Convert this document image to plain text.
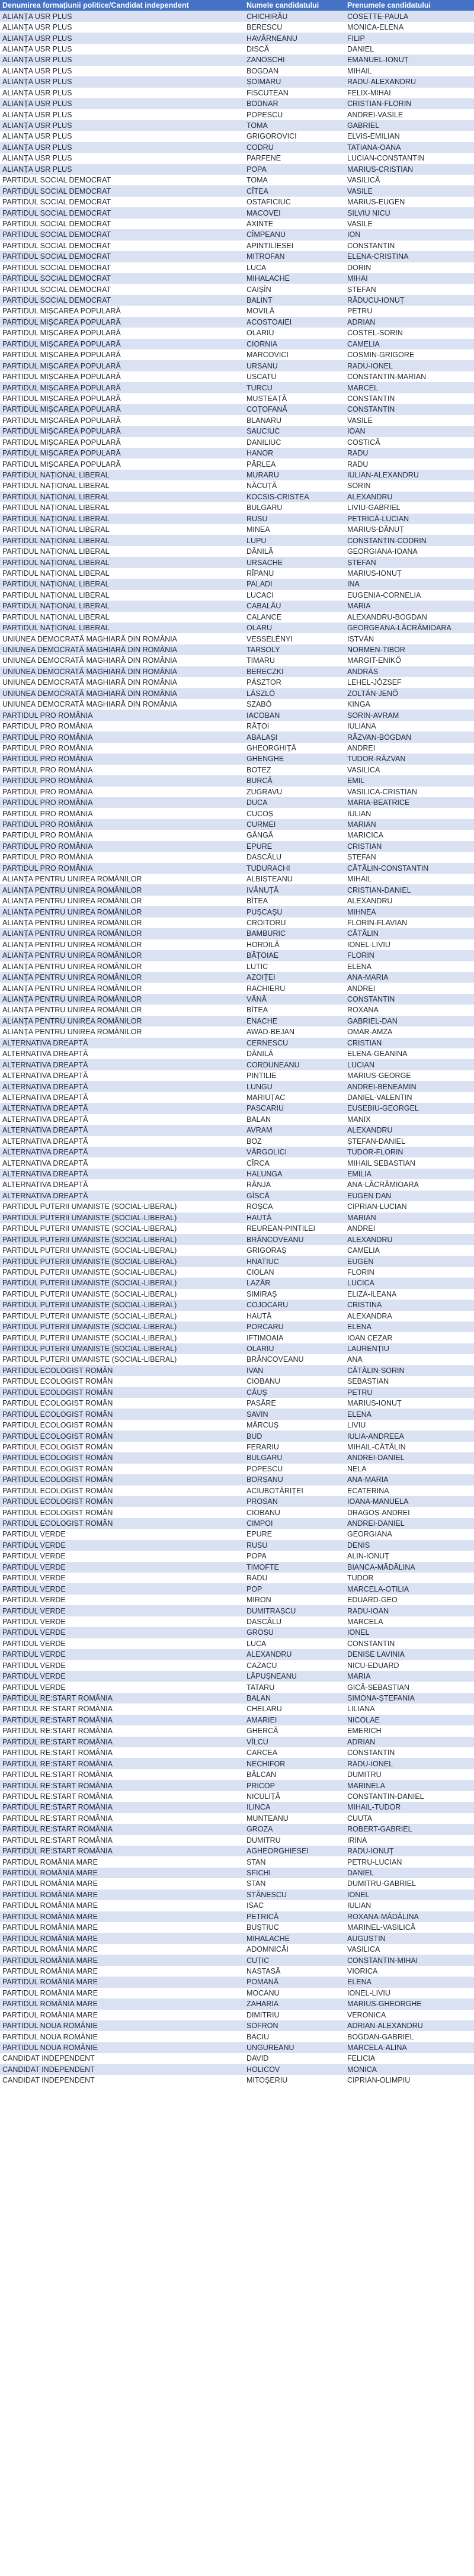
Denumirea formațiunii politice/Candidat independent	Numele candidatului	Prenumele candidatului
ALIANȚA USR PLUS	CHICHIRĂU	COSETTE-PAULA
ALIANȚA USR PLUS	BERESCU	MONICA-ELENA
ALIANȚA USR PLUS	HAVÂRNEANU	FILIP
ALIANȚA USR PLUS	DISCĂ	DANIEL
ALIANȚA USR PLUS	ZANOSCHI	EMANUEL-IONUȚ
ALIANȚA USR PLUS	BOGDAN	MIHAIL
ALIANȚA USR PLUS	ȘOIMARU	RADU-ALEXANDRU
ALIANȚA USR PLUS	FISCUTEAN	FELIX-MIHAI
ALIANȚA USR PLUS	BODNAR	CRISTIAN-FLORIN
ALIANȚA USR PLUS	POPESCU	ANDREI-VASILE
ALIANȚA USR PLUS	TOMA	GABRIEL
ALIANȚA USR PLUS	GRIGOROVICI	ELVIS-EMILIAN
ALIANȚA USR PLUS	CODRU	TATIANA-OANA
ALIANȚA USR PLUS	PARFENE	LUCIAN-CONSTANTIN
ALIANȚA USR PLUS	POPA	MARIUS-CRISTIAN
PARTIDUL SOCIAL DEMOCRAT	TOMA	VASILICĂ
PARTIDUL SOCIAL DEMOCRAT	CÎTEA	VASILE
PARTIDUL SOCIAL DEMOCRAT	OSTAFICIUC	MARIUS-EUGEN
PARTIDUL SOCIAL DEMOCRAT	MACOVEI	SILVIU NICU
PARTIDUL SOCIAL DEMOCRAT	AXINTE	VASILE
PARTIDUL SOCIAL DEMOCRAT	CÎMPEANU	ION
PARTIDUL SOCIAL DEMOCRAT	APINTILIESEI	CONSTANTIN
PARTIDUL SOCIAL DEMOCRAT	MITROFAN	ELENA-CRISTINA
PARTIDUL SOCIAL DEMOCRAT	LUCA	DORIN
PARTIDUL SOCIAL DEMOCRAT	MIHALACHE	MIHAI
PARTIDUL SOCIAL DEMOCRAT	CAIȘÎN	ȘTEFAN
PARTIDUL SOCIAL DEMOCRAT	BALINT	RĂDUCU-IONUȚ
PARTIDUL MIȘCAREA POPULARĂ	MOVILĂ	PETRU
PARTIDUL MIȘCAREA POPULARĂ	ACOSTOAIEI	ADRIAN
PARTIDUL MIȘCAREA POPULARĂ	OLARIU	COSTEL-SORIN
PARTIDUL MIȘCAREA POPULARĂ	CIORNIA	CAMELIA
PARTIDUL MIȘCAREA POPULARĂ	MARCOVICI	COSMIN-GRIGORE
PARTIDUL MIȘCAREA POPULARĂ	URSANU	RADU-IONEL
PARTIDUL MIȘCAREA POPULARĂ	USCATU	CONSTANTIN-MARIAN
PARTIDUL MIȘCAREA POPULARĂ	TURCU	MARCEL
PARTIDUL MIȘCAREA POPULARĂ	MUSTEAȚĂ	CONSTANTIN
PARTIDUL MIȘCAREA POPULARĂ	COȚOFANĂ	CONSTANTIN
PARTIDUL MIȘCAREA POPULARĂ	BLANARU	VASILE
PARTIDUL MIȘCAREA POPULARĂ	SAUCIUC	IOAN
PARTIDUL MIȘCAREA POPULARĂ	DANILIUC	COSTICĂ
PARTIDUL MIȘCAREA POPULARĂ	HANOR	RADU
PARTIDUL MIȘCAREA POPULARĂ	PÂRLEA	RADU
PARTIDUL NAȚIONAL LIBERAL	MURARU	IULIAN-ALEXANDRU
PARTIDUL NAȚIONAL LIBERAL	NĂCUȚĂ	SORIN
PARTIDUL NAȚIONAL LIBERAL	KOCSIS-CRISTEA	ALEXANDRU
PARTIDUL NAȚIONAL LIBERAL	BULGARU	LIVIU-GABRIEL
PARTIDUL NAȚIONAL LIBERAL	RUSU	PETRICĂ-LUCIAN
PARTIDUL NAȚIONAL LIBERAL	MINEA	MARIUS-DĂNUȚ
PARTIDUL NAȚIONAL LIBERAL	LUPU	CONSTANTIN-CODRIN
PARTIDUL NAȚIONAL LIBERAL	DĂNILĂ	GEORGIANA-IOANA
PARTIDUL NAȚIONAL LIBERAL	URSACHE	ȘTEFAN
PARTIDUL NAȚIONAL LIBERAL	RÎPANU	MARIUS-IONUȚ
PARTIDUL NAȚIONAL LIBERAL	PALADI	INA
PARTIDUL NAȚIONAL LIBERAL	LUCACI	EUGENIA-CORNELIA
PARTIDUL NAȚIONAL LIBERAL	CABALĂU	MARIA
PARTIDUL NAȚIONAL LIBERAL	CALANCE	ALEXANDRU-BOGDAN
PARTIDUL NAȚIONAL LIBERAL	OLARU	GEORGEANA-LĂCRĂMIOARA
UNIUNEA DEMOCRATĂ MAGHIARĂ DIN ROMÂNIA	VESSELÉNYI	ISTVÁN
UNIUNEA DEMOCRATĂ MAGHIARĂ DIN ROMÂNIA	TARSOLY	NORMEN-TIBOR
UNIUNEA DEMOCRATĂ MAGHIARĂ DIN ROMÂNIA	TIMARU	MARGIT-ENIKŐ
UNIUNEA DEMOCRATĂ MAGHIARĂ DIN ROMÂNIA	BERECZKI	ANDRÁS
UNIUNEA DEMOCRATĂ MAGHIARĂ DIN ROMÂNIA	PÁSZTOR	LEHEL-JÓZSEF
UNIUNEA DEMOCRATĂ MAGHIARĂ DIN ROMÂNIA	LÁSZLÓ	ZOLTÁN-JENŐ
UNIUNEA DEMOCRATĂ MAGHIARĂ DIN ROMÂNIA	SZABÓ	KINGA
PARTIDUL PRO ROMÂNIA	IACOBAN	SORIN-AVRAM
PARTIDUL PRO ROMÂNIA	RĂȚOI	IULIANA
PARTIDUL PRO ROMÂNIA	ABALAȘI	RĂZVAN-BOGDAN
PARTIDUL PRO ROMÂNIA	GHEORGHIȚĂ	ANDREI
PARTIDUL PRO ROMÂNIA	GHENGHE	TUDOR-RĂZVAN
PARTIDUL PRO ROMÂNIA	BOTEZ	VASILICA
PARTIDUL PRO ROMÂNIA	BURCĂ	EMIL
PARTIDUL PRO ROMÂNIA	ZUGRAVU	VASILICA-CRISTIAN
PARTIDUL PRO ROMÂNIA	DUCA	MARIA-BEATRICE
PARTIDUL PRO ROMÂNIA	CUCOȘ	IULIAN
PARTIDUL PRO ROMÂNIA	CURMEI	MARIAN
PARTIDUL PRO ROMÂNIA	GÂNGĂ	MARICICA
PARTIDUL PRO ROMÂNIA	EPURE	CRISTIAN
PARTIDUL PRO ROMÂNIA	DASCĂLU	ȘTEFAN
PARTIDUL PRO ROMÂNIA	TUDURACHI	CĂTĂLIN-CONSTANTIN
ALIANȚA PENTRU UNIREA ROMÂNILOR	ALBIȘTEANU	MIHAIL
ALIANȚA PENTRU UNIREA ROMÂNILOR	IVĂNUȚĂ	CRISTIAN-DANIEL
ALIANȚA PENTRU UNIREA ROMÂNILOR	BÎTEA	ALEXANDRU
ALIANȚA PENTRU UNIREA ROMÂNILOR	PUȘCAȘU	MIHNEA
ALIANȚA PENTRU UNIREA ROMÂNILOR	CROITORU	FLORIN-FLAVIAN
ALIANȚA PENTRU UNIREA ROMÂNILOR	BAMBURIC	CĂTĂLIN
ALIANȚA PENTRU UNIREA ROMÂNILOR	HORDILĂ	IONEL-LIVIU
ALIANȚA PENTRU UNIREA ROMÂNILOR	BĂȚOIAE	FLORIN
ALIANȚA PENTRU UNIREA ROMÂNILOR	LUTIC	ELENA
ALIANȚA PENTRU UNIREA ROMÂNILOR	AZOIȚEI	ANA-MARIA
ALIANȚA PENTRU UNIREA ROMÂNILOR	RACHIERU	ANDREI
ALIANȚA PENTRU UNIREA ROMÂNILOR	VÂNĂ	CONSTANTIN
ALIANȚA PENTRU UNIREA ROMÂNILOR	BÎTEA	ROXANA
ALIANȚA PENTRU UNIREA ROMÂNILOR	ENACHE	GABRIEL-DAN
ALIANȚA PENTRU UNIREA ROMÂNILOR	AWAD-BEJAN	OMAR-AMZA
ALTERNATIVA DREAPTĂ	CERNESCU	CRISTIAN
ALTERNATIVA DREAPTĂ	DĂNILĂ	ELENA-GEANINA
ALTERNATIVA DREAPTĂ	CORDUNEANU	LUCIAN
ALTERNATIVA DREAPTĂ	PINTILIE	MARIUS-GEORGE
ALTERNATIVA DREAPTĂ	LUNGU	ANDREI-BENEAMIN
ALTERNATIVA DREAPTĂ	MARIUȚAC	DANIEL-VALENTIN
ALTERNATIVA DREAPTĂ	PASCARIU	EUSEBIU-GEORGEL
ALTERNATIVA DREAPTĂ	BALAN	MANIX
ALTERNATIVA DREAPTĂ	AVRAM	ALEXANDRU
ALTERNATIVA DREAPTĂ	BOZ	ȘTEFAN-DANIEL
ALTERNATIVA DREAPTĂ	VÂRGOLICI	TUDOR-FLORIN
ALTERNATIVA DREAPTĂ	CÎRCA	MIHAIL SEBASTIAN
ALTERNATIVA DREAPTĂ	HALUNGA	EMILIA
ALTERNATIVA DREAPTĂ	RĂNJA	ANA-LĂCRĂMIOARA
ALTERNATIVA DREAPTĂ	GÎSCĂ	EUGEN DAN
PARTIDUL PUTERII UMANISTE (SOCIAL-LIBERAL)	ROȘCA	CIPRIAN-LUCIAN
PARTIDUL PUTERII UMANISTE (SOCIAL-LIBERAL)	HAUTĂ	MARIAN
PARTIDUL PUTERII UMANISTE (SOCIAL-LIBERAL)	REUREAN-PINTILEI	ANDREI
PARTIDUL PUTERII UMANISTE (SOCIAL-LIBERAL)	BRÂNCOVEANU	ALEXANDRU
PARTIDUL PUTERII UMANISTE (SOCIAL-LIBERAL)	GRIGORAȘ	CAMELIA
PARTIDUL PUTERII UMANISTE (SOCIAL-LIBERAL)	HNATIUC	EUGEN
PARTIDUL PUTERII UMANISTE (SOCIAL-LIBERAL)	CIOLAN	FLORIN
PARTIDUL PUTERII UMANISTE (SOCIAL-LIBERAL)	LAZĂR	LUCICA
PARTIDUL PUTERII UMANISTE (SOCIAL-LIBERAL)	SIMIRAȘ	ELIZA-ILEANA
PARTIDUL PUTERII UMANISTE (SOCIAL-LIBERAL)	COJOCARU	CRISTINA
PARTIDUL PUTERII UMANISTE (SOCIAL-LIBERAL)	HAUTĂ	ALEXANDRA
PARTIDUL PUTERII UMANISTE (SOCIAL-LIBERAL)	PORCARU	ELENA
PARTIDUL PUTERII UMANISTE (SOCIAL-LIBERAL)	IFTIMOAIA	IOAN CEZAR
PARTIDUL PUTERII UMANISTE (SOCIAL-LIBERAL)	OLARIU	LAURENȚIU
PARTIDUL PUTERII UMANISTE (SOCIAL-LIBERAL)	BRÂNCOVEANU	ANA
PARTIDUL ECOLOGIST ROMÂN	IVAN	CĂTĂLIN-SORIN
PARTIDUL ECOLOGIST ROMÂN	CIOBANU	SEBASTIAN
PARTIDUL ECOLOGIST ROMÂN	CĂUȘ	PETRU
PARTIDUL ECOLOGIST ROMÂN	PASĂRE	MARIUS-IONUȚ
PARTIDUL ECOLOGIST ROMÂN	SAVIN	ELENA
PARTIDUL ECOLOGIST ROMÂN	MĂRCUȘ	LIVIU
PARTIDUL ECOLOGIST ROMÂN	BUD	IULIA-ANDREEA
PARTIDUL ECOLOGIST ROMÂN	FERARIU	MIHAIL-CĂTĂLIN
PARTIDUL ECOLOGIST ROMÂN	BULGARU	ANDREI-DANIEL
PARTIDUL ECOLOGIST ROMÂN	POPESCU	NELA
PARTIDUL ECOLOGIST ROMÂN	BORȘANU	ANA-MARIA
PARTIDUL ECOLOGIST ROMÂN	ACIUBOTĂRIȚEI	ECATERINA
PARTIDUL ECOLOGIST ROMÂN	PROSAN	IOANA-MANUELA
PARTIDUL ECOLOGIST ROMÂN	CIOBANU	DRAGOȘ-ANDREI
PARTIDUL ECOLOGIST ROMÂN	CIMPOI	ANDREI-DANIEL
PARTIDUL VERDE	EPURE	GEORGIANA
PARTIDUL VERDE	RUSU	DENIS
PARTIDUL VERDE	POPA	ALIN-IONUȚ
PARTIDUL VERDE	TIMOFTE	BIANCA-MĂDĂLINA
PARTIDUL VERDE	RADU	TUDOR
PARTIDUL VERDE	POP	MARCELA-OTILIA
PARTIDUL VERDE	MIRON	EDUARD-GEO
PARTIDUL VERDE	DUMITRAȘCU	RADU-IOAN
PARTIDUL VERDE	DASCĂLU	MARCELA
PARTIDUL VERDE	GROSU	IONEL
PARTIDUL VERDE	LUCA	CONSTANTIN
PARTIDUL VERDE	ALEXANDRU	DENISE LAVINIA
PARTIDUL VERDE	CAZACU	NICU-EDUARD
PARTIDUL VERDE	LĂPUȘNEANU	MARIA
PARTIDUL VERDE	TATARU	GICĂ-SEBASTIAN
PARTIDUL RE:START ROMÂNIA	BALAN	SIMONA-ȘTEFANIA
PARTIDUL RE:START ROMÂNIA	CHELARU	LILIANA
PARTIDUL RE:START ROMÂNIA	AMARIEI	NICOLAE
PARTIDUL RE:START ROMÂNIA	GHERCĂ	EMERICH
PARTIDUL RE:START ROMÂNIA	VÎLCU	ADRIAN
PARTIDUL RE:START ROMÂNIA	CARCEA	CONSTANTIN
PARTIDUL RE:START ROMÂNIA	NECHIFOR	RADU-IONEL
PARTIDUL RE:START ROMÂNIA	BĂLCAN	DUMITRU
PARTIDUL RE:START ROMÂNIA	PRICOP	MARINELA
PARTIDUL RE:START ROMÂNIA	NICULIȚĂ	CONSTANTIN-DANIEL
PARTIDUL RE:START ROMÂNIA	ILINCA	MIHAIL-TUDOR
PARTIDUL RE:START ROMÂNIA	MUNTEANU	CUUTA
PARTIDUL RE:START ROMÂNIA	GROZA	ROBERT-GABRIEL
PARTIDUL RE:START ROMÂNIA	DUMITRU	IRINA
PARTIDUL RE:START ROMÂNIA	AGHEORGHIESEI	RADU-IONUȚ
PARTIDUL ROMÂNIA MARE	STAN	PETRU-LUCIAN
PARTIDUL ROMÂNIA MARE	SFICHI	DANIEL
PARTIDUL ROMÂNIA MARE	STAN	DUMITRU-GABRIEL
PARTIDUL ROMÂNIA MARE	STĂNESCU	IONEL
PARTIDUL ROMÂNIA MARE	ISAC	IULIAN
PARTIDUL ROMÂNIA MARE	PETRICĂ	ROXANA-MĂDĂLINA
PARTIDUL ROMÂNIA MARE	BUȘTIUC	MARINEL-VASILICĂ
PARTIDUL ROMÂNIA MARE	MIHALACHE	AUGUSTIN
PARTIDUL ROMÂNIA MARE	ADOMNICĂI	VASILICA
PARTIDUL ROMÂNIA MARE	CUȚIC	CONSTANTIN-MIHAI
PARTIDUL ROMÂNIA MARE	NASTASĂ	VIORICA
PARTIDUL ROMÂNIA MARE	POMANĂ	ELENA
PARTIDUL ROMÂNIA MARE	MOCANU	IONEL-LIVIU
PARTIDUL ROMÂNIA MARE	ZAHARIA	MARIUS-GHEORGHE
PARTIDUL ROMÂNIA MARE	DIMITRIU	VERONICA
PARTIDUL NOUA ROMÂNIE	SOFRON	ADRIAN-ALEXANDRU
PARTIDUL NOUA ROMÂNIE	BACIU	BOGDAN-GABRIEL
PARTIDUL NOUA ROMÂNIE	UNGUREANU	MARCELA-ALINA
CANDIDAT INDEPENDENT	DAVID	FELICIA
CANDIDAT INDEPENDENT	HOLICOV	MONICA
CANDIDAT INDEPENDENT	MITOȘERIU	CIPRIAN-OLIMPIU
